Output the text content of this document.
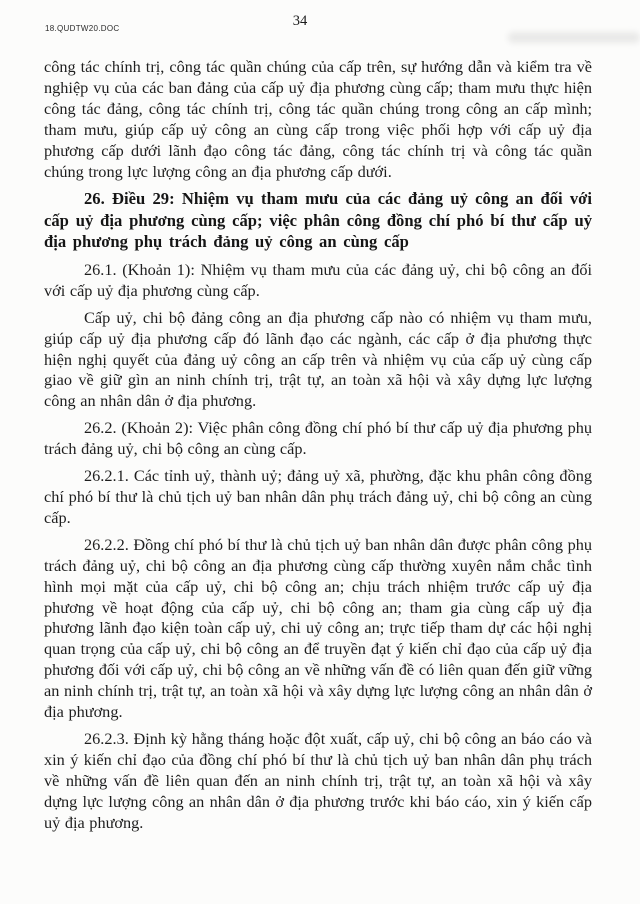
18.QUDTW20.DOC	34

công tác chính trị, công tác quần chúng của cấp trên, sự hướng dẫn và kiểm tra về nghiệp vụ của các ban đảng của cấp uỷ địa phương cùng cấp; tham mưu thực hiện công tác đảng, công tác chính trị, công tác quần chúng trong công an cấp mình; tham mưu, giúp cấp uỷ công an cùng cấp trong việc phối hợp với cấp uỷ địa phương cấp dưới lãnh đạo công tác đảng, công tác chính trị và công tác quần chúng trong lực lượng công an địa phương cấp dưới.

26. Điều 29: Nhiệm vụ tham mưu của các đảng uỷ công an đối với cấp uỷ địa phương cùng cấp; việc phân công đồng chí phó bí thư cấp uỷ địa phương phụ trách đảng uỷ công an cùng cấp

26.1. (Khoản 1): Nhiệm vụ tham mưu của các đảng uỷ, chi bộ công an đối với cấp uỷ địa phương cùng cấp.

Cấp uỷ, chi bộ đảng công an địa phương cấp nào có nhiệm vụ tham mưu, giúp cấp uỷ địa phương cấp đó lãnh đạo các ngành, các cấp ở địa phương thực hiện nghị quyết của đảng uỷ công an cấp trên và nhiệm vụ của cấp uỷ cùng cấp giao về giữ gìn an ninh chính trị, trật tự, an toàn xã hội và xây dựng lực lượng công an nhân dân ở địa phương.

26.2. (Khoản 2): Việc phân công đồng chí phó bí thư cấp uỷ địa phương phụ trách đảng uỷ, chi bộ công an cùng cấp.

26.2.1. Các tỉnh uỷ, thành uỷ; đảng uỷ xã, phường, đặc khu phân công đồng chí phó bí thư là chủ tịch uỷ ban nhân dân phụ trách đảng uỷ, chi bộ công an cùng cấp.

26.2.2. Đồng chí phó bí thư là chủ tịch uỷ ban nhân dân được phân công phụ trách đảng uỷ, chi bộ công an địa phương cùng cấp thường xuyên nắm chắc tình hình mọi mặt của cấp uỷ, chi bộ công an; chịu trách nhiệm trước cấp uỷ địa phương về hoạt động của cấp uỷ, chi bộ công an; tham gia cùng cấp uỷ địa phương lãnh đạo kiện toàn cấp uỷ, chi uỷ công an; trực tiếp tham dự các hội nghị quan trọng của cấp uỷ, chi bộ công an để truyền đạt ý kiến chỉ đạo của cấp uỷ địa phương đối với cấp uỷ, chi bộ công an về những vấn đề có liên quan đến giữ vững an ninh chính trị, trật tự, an toàn xã hội và xây dựng lực lượng công an nhân dân ở địa phương.

26.2.3. Định kỳ hằng tháng hoặc đột xuất, cấp uỷ, chi bộ công an báo cáo và xin ý kiến chỉ đạo của đồng chí phó bí thư là chủ tịch uỷ ban nhân dân phụ trách về những vấn đề liên quan đến an ninh chính trị, trật tự, an toàn xã hội và xây dựng lực lượng công an nhân dân ở địa phương trước khi báo cáo, xin ý kiến cấp uỷ địa phương.
